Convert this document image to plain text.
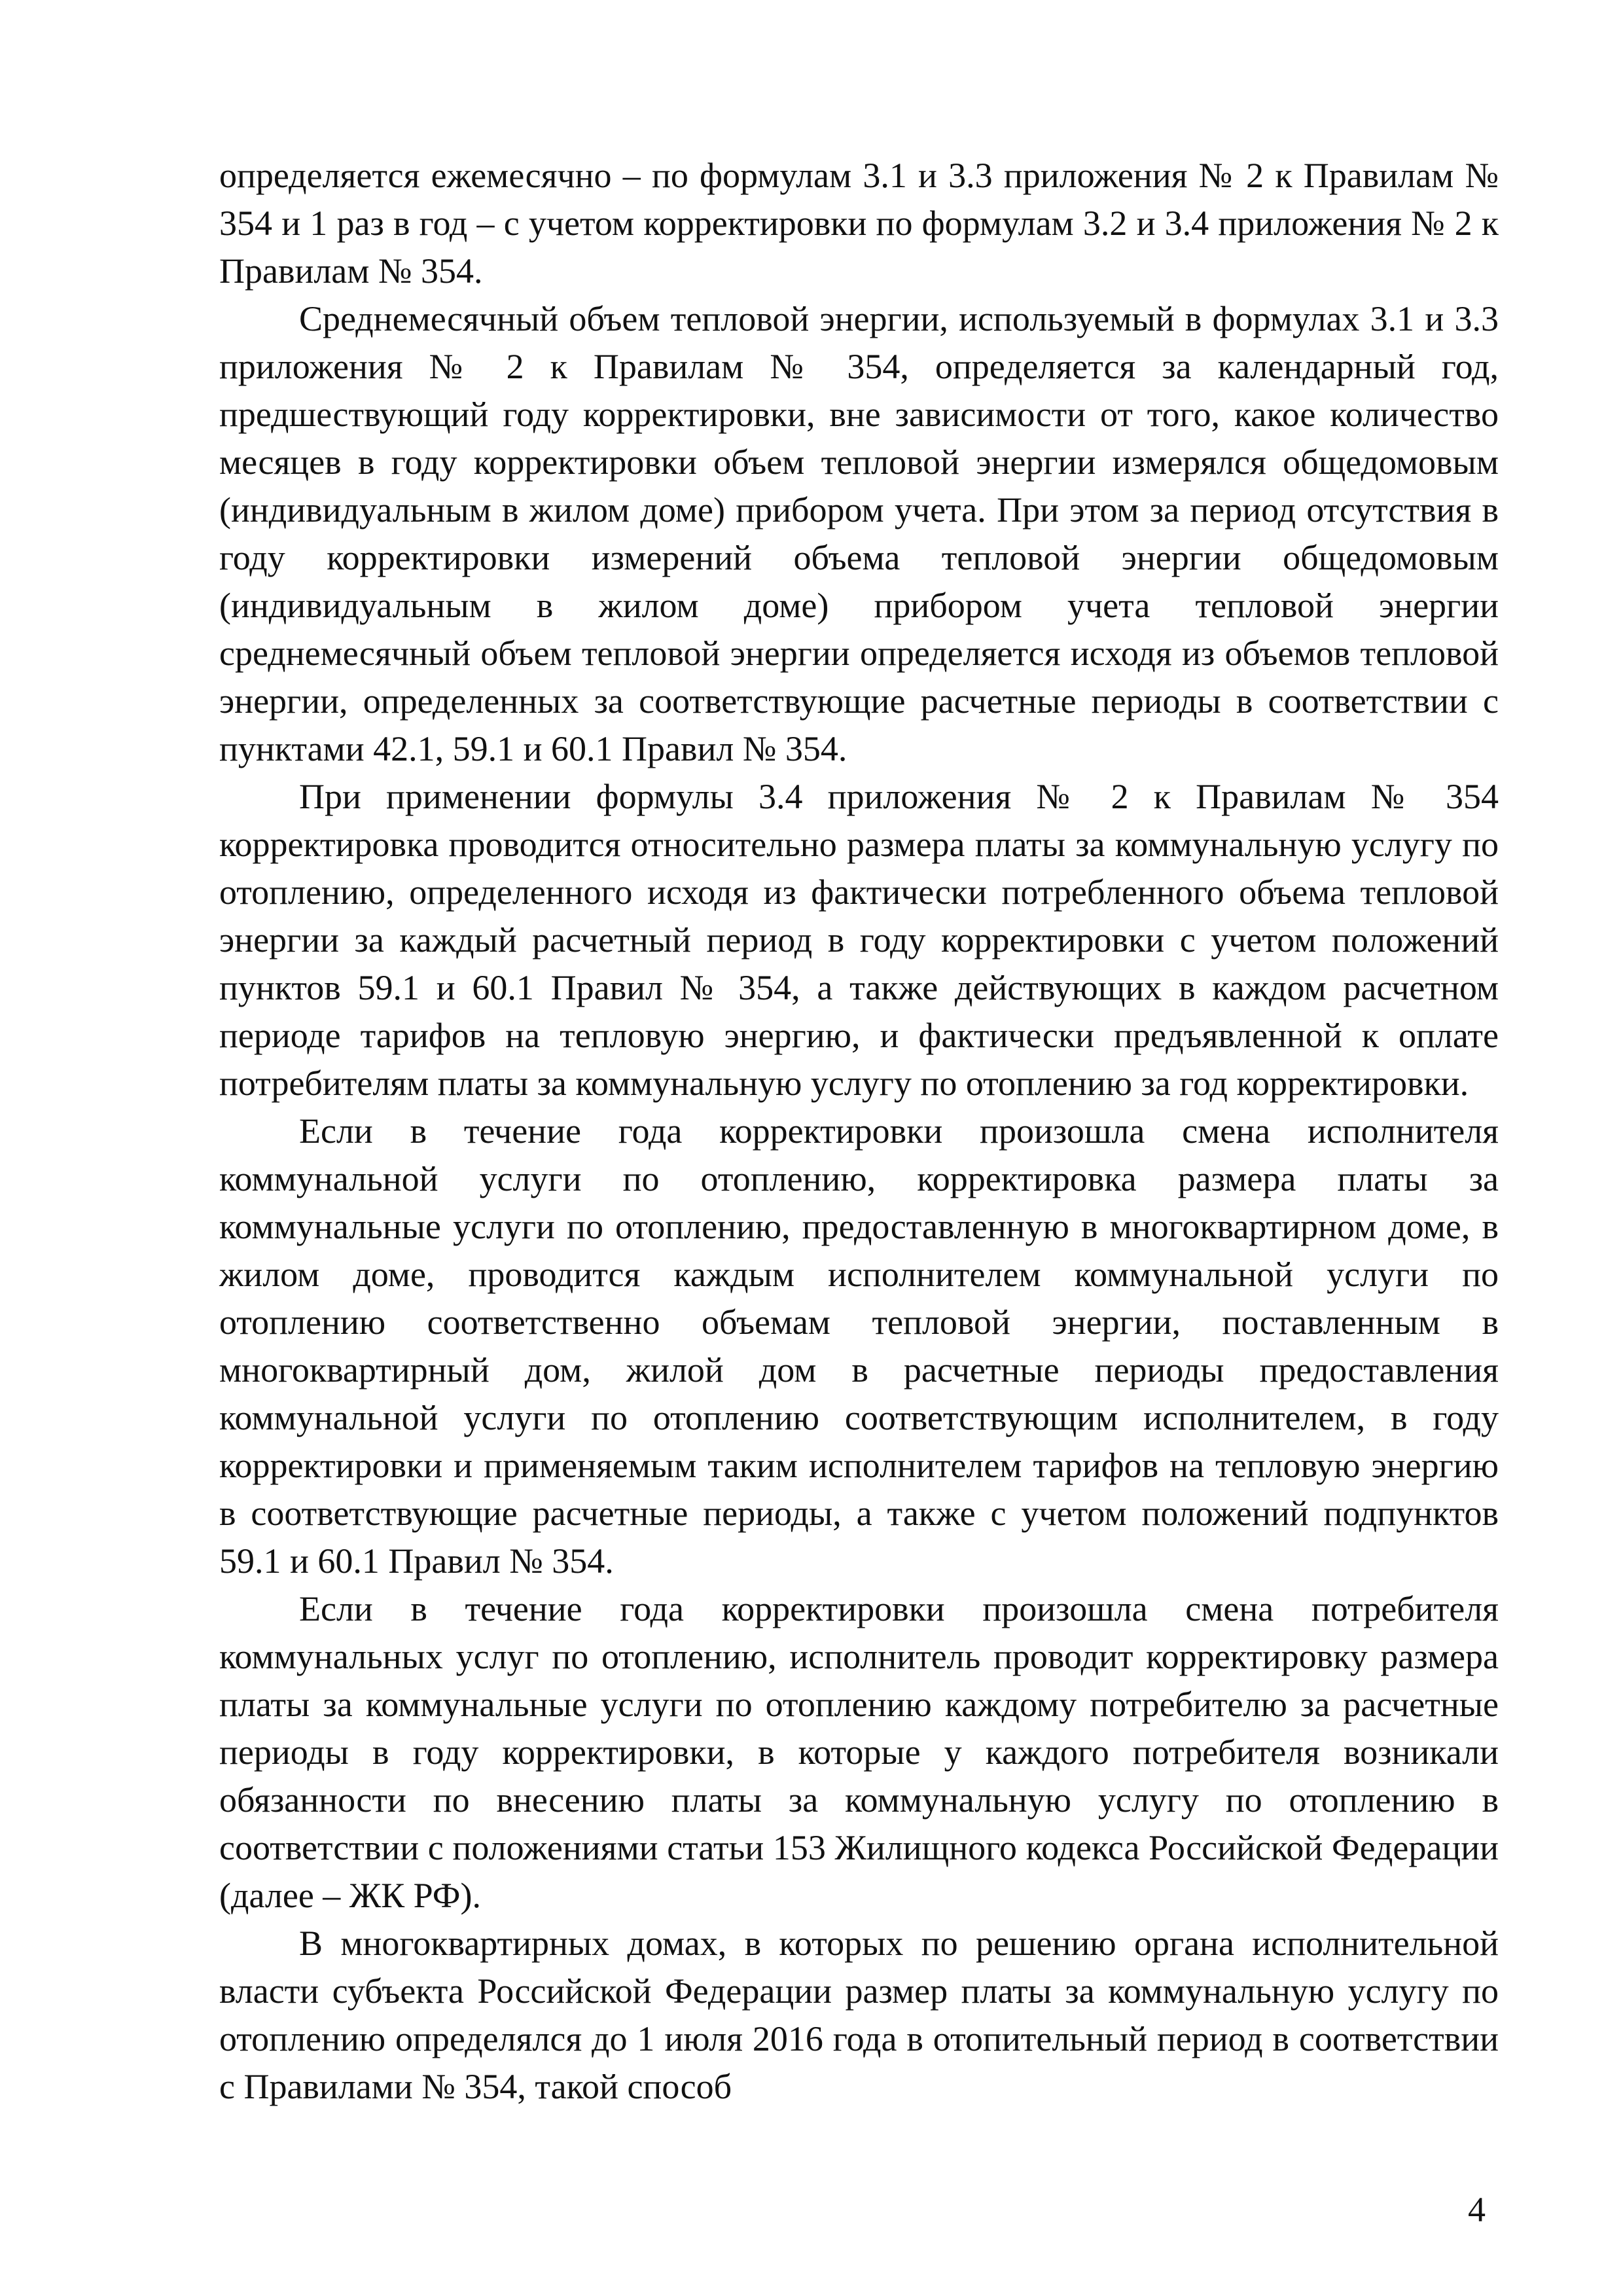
определяется ежемесячно – по формулам 3.1 и 3.3 приложения № 2 к Правилам № 354 и 1 раз в год – с учетом корректировки по формулам 3.2 и 3.4 приложения № 2 к Правилам № 354.

Среднемесячный объем тепловой энергии, используемый в формулах 3.1 и 3.3 приложения № 2 к Правилам № 354, определяется за календарный год, предшествующий году корректировки, вне зависимости от того, какое количество месяцев в году корректировки объем тепловой энергии измерялся общедомовым (индивидуальным в жилом доме) прибором учета. При этом за период отсутствия в году корректировки измерений объема тепловой энергии общедомовым (индивидуальным в жилом доме) прибором учета тепловой энергии среднемесячный объем тепловой энергии определяется исходя из объемов тепловой энергии, определенных за соответствующие расчетные периоды в соответствии с пунктами 42.1, 59.1 и 60.1 Правил № 354.

При применении формулы 3.4 приложения № 2 к Правилам № 354 корректировка проводится относительно размера платы за коммунальную услугу по отоплению, определенного исходя из фактически потребленного объема тепловой энергии за каждый расчетный период в году корректировки с учетом положений пунктов 59.1 и 60.1 Правил № 354, а также действующих в каждом расчетном периоде тарифов на тепловую энергию, и фактически предъявленной к оплате потребителям платы за коммунальную услугу по отоплению за год корректировки.

Если в течение года корректировки произошла смена исполнителя коммунальной услуги по отоплению, корректировка размера платы за коммунальные услуги по отоплению, предоставленную в многоквартирном доме, в жилом доме, проводится каждым исполнителем коммунальной услуги по отоплению соответственно объемам тепловой энергии, поставленным в многоквартирный дом, жилой дом в расчетные периоды предоставления коммунальной услуги по отоплению соответствующим исполнителем, в году корректировки и применяемым таким исполнителем тарифов на тепловую энергию в соответствующие расчетные периоды, а также с учетом положений подпунктов 59.1 и 60.1 Правил № 354.

Если в течение года корректировки произошла смена потребителя коммунальных услуг по отоплению, исполнитель проводит корректировку размера платы за коммунальные услуги по отоплению каждому потребителю за расчетные периоды в году корректировки, в которые у каждого потребителя возникали обязанности по внесению платы за коммунальную услугу по отоплению в соответствии с положениями статьи 153 Жилищного кодекса Российской Федерации (далее – ЖК РФ).

В многоквартирных домах, в которых по решению органа исполнительной власти субъекта Российской Федерации размер платы за коммунальную услугу по отоплению определялся до 1 июля 2016 года в отопительный период в соответствии с Правилами № 354, такой способ

4
